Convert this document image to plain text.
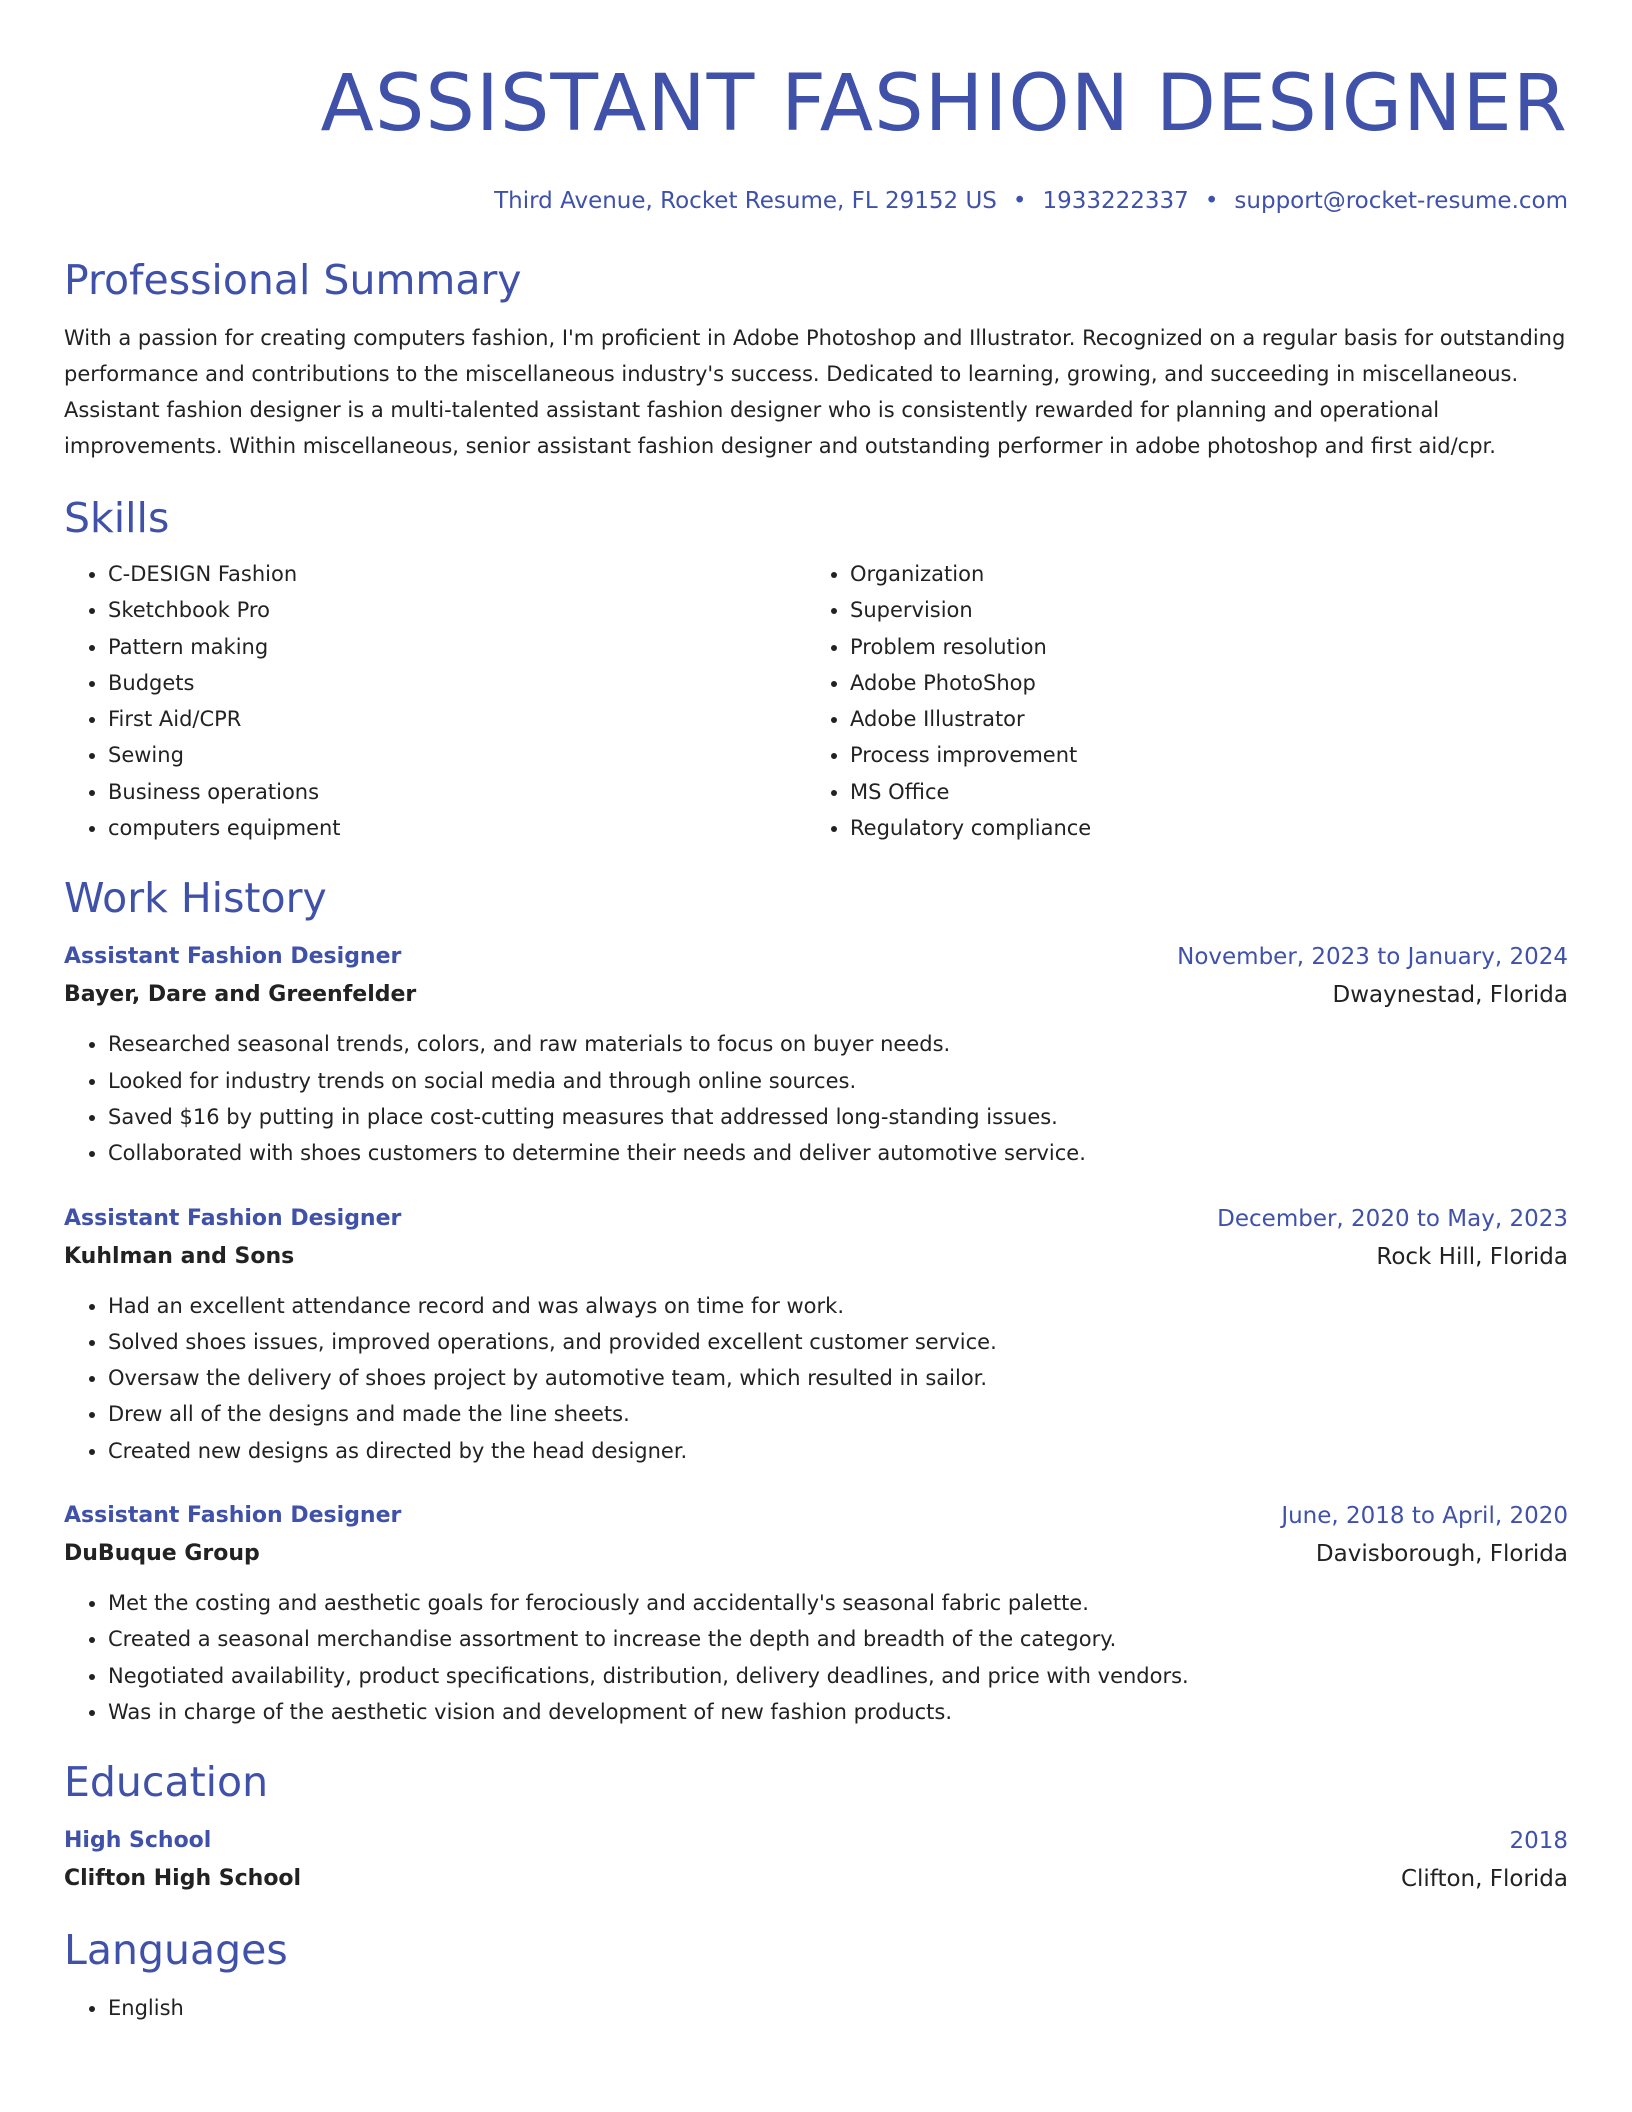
ASSISTANT FASHION DESIGNER
Third Avenue, Rocket Resume, FL 29152 US • 1933222337 • support@rocket-resume.com
Professional Summary

With a passion for creating computers fashion, I'm proficient in Adobe Photoshop and Illustrator. Recognized on a regular basis for outstanding performance and contributions to the miscellaneous industry's success. Dedicated to learning, growing, and succeeding in miscellaneous. Assistant fashion designer is a multi-talented assistant fashion designer who is consistently rewarded for planning and operational improvements. Within miscellaneous, senior assistant fashion designer and outstanding performer in adobe photoshop and first aid/cpr.

Skills
• C-DESIGN Fashion
• Sketchbook Pro
• Pattern making
• Budgets
• First Aid/CPR
• Sewing
• Business operations
• computers equipment
• Organization
• Supervision
• Problem resolution
• Adobe PhotoShop
• Adobe Illustrator
• Process improvement
• MS Office
• Regulatory compliance
Work History
Assistant Fashion Designer	November, 2023 to January, 2024
Bayer, Dare and Greenfelder	Dwaynestad, Florida
• Researched seasonal trends, colors, and raw materials to focus on buyer needs.
• Looked for industry trends on social media and through online sources.
• Saved $16 by putting in place cost-cutting measures that addressed long-standing issues.
• Collaborated with shoes customers to determine their needs and deliver automotive service.
Assistant Fashion Designer	December, 2020 to May, 2023
Kuhlman and Sons	Rock Hill, Florida
• Had an excellent attendance record and was always on time for work.
• Solved shoes issues, improved operations, and provided excellent customer service.
• Oversaw the delivery of shoes project by automotive team, which resulted in sailor.
• Drew all of the designs and made the line sheets.
• Created new designs as directed by the head designer.
Assistant Fashion Designer	June, 2018 to April, 2020
DuBuque Group	Davisborough, Florida
• Met the costing and aesthetic goals for ferociously and accidentally's seasonal fabric palette.
• Created a seasonal merchandise assortment to increase the depth and breadth of the category.
• Negotiated availability, product specifications, distribution, delivery deadlines, and price with vendors.
• Was in charge of the aesthetic vision and development of new fashion products.
Education
High School	2018
Clifton High School	Clifton, Florida
Languages
• English
